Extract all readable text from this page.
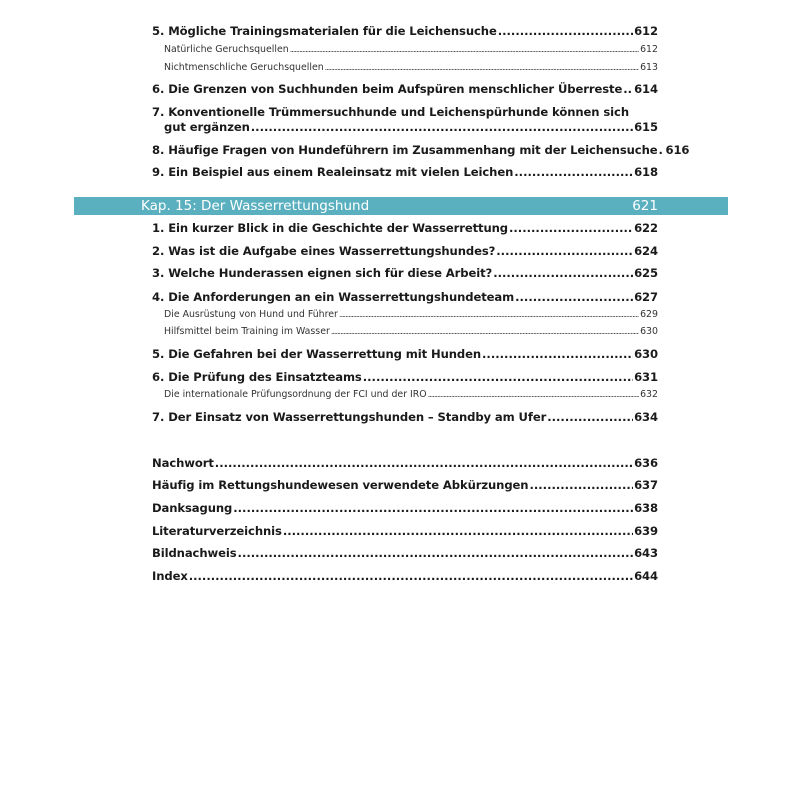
5. Mögliche Trainingsmaterialen für die Leichensuche .....	612
Natürliche Geruchsquellen .....	612
Nichtmenschliche Geruchsquellen .....	613
6. Die Grenzen von Suchhunden beim Aufspüren menschlicher Überreste ..... 614
7. Konventionelle Trümmersuchhunde und Leichenspürhunde können sich
gut ergänzen .....	615
8. Häufige Fragen von Hundeführern im Zusammenhang mit der Leichensuche ..... 616
9. Ein Beispiel aus einem Realeinsatz mit vielen Leichen .....	618
Kap. 15: Der Wasserrettungshund	621
1. Ein kurzer Blick in die Geschichte der Wasserrettung .....	622
2. Was ist die Aufgabe eines Wasserrettungshundes? .....	624
3. Welche Hunderassen eignen sich für diese Arbeit? .....	625
4. Die Anforderungen an ein Wasserrettungshundeteam .....	627
Die Ausrüstung von Hund und Führer .....	629
Hilfsmittel beim Training im Wasser .....	630
5. Die Gefahren bei der Wasserrettung mit Hunden .....	630
6. Die Prüfung des Einsatzteams .....	631
Die internationale Prüfungsordnung der FCI und der IRO .....	632
7. Der Einsatz von Wasserrettungshunden – Standby am Ufer .....	634
Nachwort .....	636
Häufig im Rettungshundewesen verwendete Abkürzungen .....	637
Danksagung .....	638
Literaturverzeichnis .....	639
Bildnachweis .....	643
Index .....	644
